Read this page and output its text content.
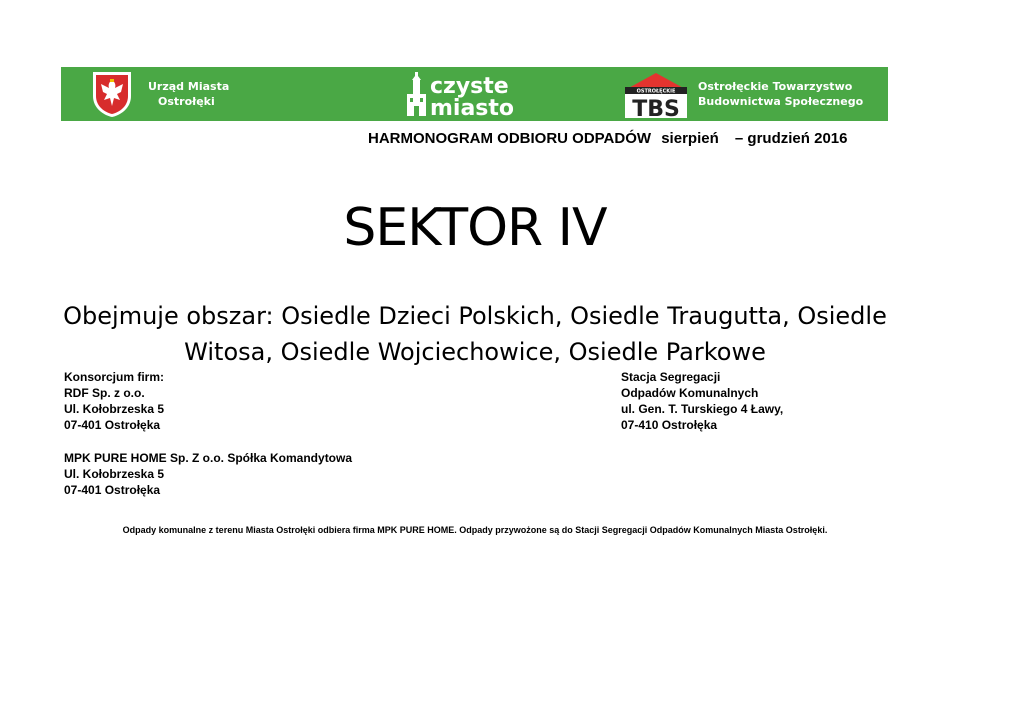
Urząd Miasta
Ostrołęki
czyste
miasto
OSTROŁĘCKIE
TBS
Ostrołęckie Towarzystwo
Budownictwa Społecznego
HARMONOGRAM ODBIORU ODPADÓW sierpień – grudzień 2016
SEKTOR IV
Obejmuje obszar: Osiedle Dzieci Polskich, Osiedle Traugutta, Osiedle
Witosa, Osiedle Wojciechowice, Osiedle Parkowe
Konsorcjum firm:
RDF Sp. z o.o.
Ul. Kołobrzeska 5
07-401 Ostrołęka
Stacja Segregacji
Odpadów Komunalnych
ul. Gen. T. Turskiego 4 Ławy,
07-410 Ostrołęka
MPK PURE HOME Sp. Z o.o. Spółka Komandytowa
Ul. Kołobrzeska 5
07-401 Ostrołęka
Odpady komunalne z terenu Miasta Ostrołęki odbiera firma MPK PURE HOME. Odpady przywożone są do Stacji Segregacji Odpadów Komunalnych Miasta Ostrołęki.
